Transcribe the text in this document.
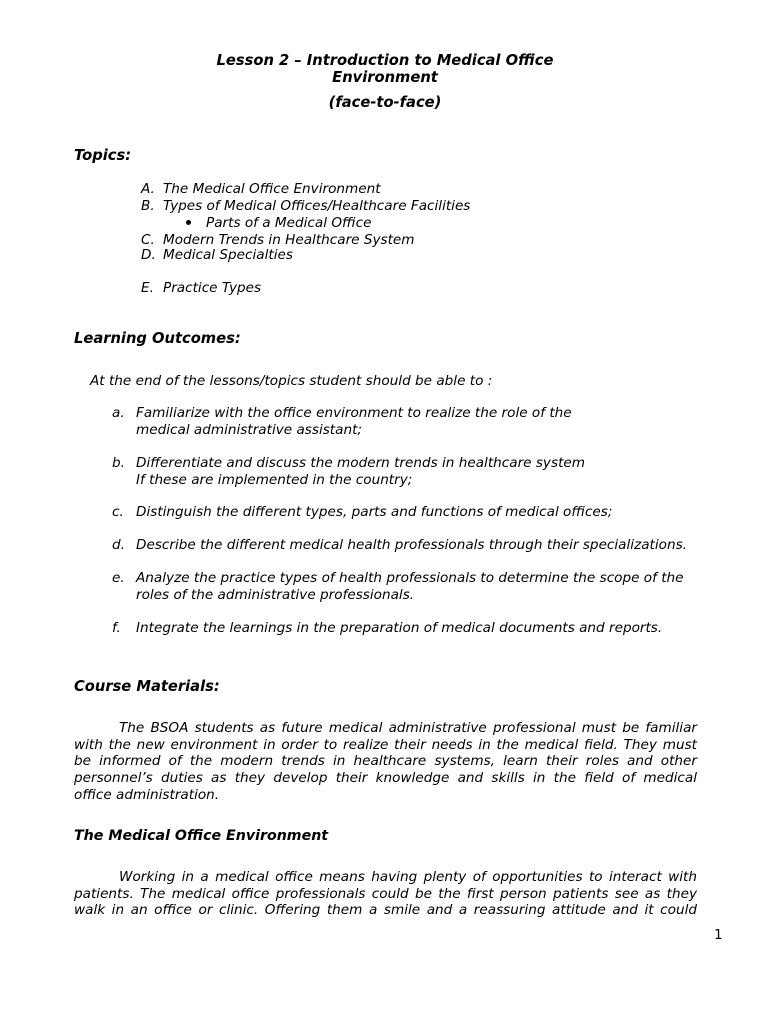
Lesson 2 – Introduction to Medical Office
Environment
(face-to-face)
Topics:
A. The Medical Office Environment
B. Types of Medical Offices/Healthcare Facilities
Parts of a Medical Office
C. Modern Trends in Healthcare System
D. Medical Specialties
E. Practice Types
Learning Outcomes:
At the end of the lessons/topics student should be able to :
a. Familiarize with the office environment to realize the role of the
medical administrative assistant;
b. Differentiate and discuss the modern trends in healthcare system
If these are implemented in the country;
c. Distinguish the different types, parts and functions of medical offices;
d. Describe the different medical health professionals through their specializations.
e. Analyze the practice types of health professionals to determine the scope of the
roles of the administrative professionals.
f.	Integrate the learnings in the preparation of medical documents and reports.
Course Materials:
The BSOA students as future medical administrative professional must be familiar
with the new environment in order to realize their needs in the medical field. They must
be informed of the modern trends in healthcare systems, learn their roles and other
personnel’s duties as they develop their knowledge and skills in the field of medical
office administration.
The Medical Office Environment
Working in a medical office means having plenty of opportunities to interact with
patients. The medical office professionals could be the first person patients see as they
walk in an office or clinic. Offering them a smile and a reassuring attitude and it could
1
